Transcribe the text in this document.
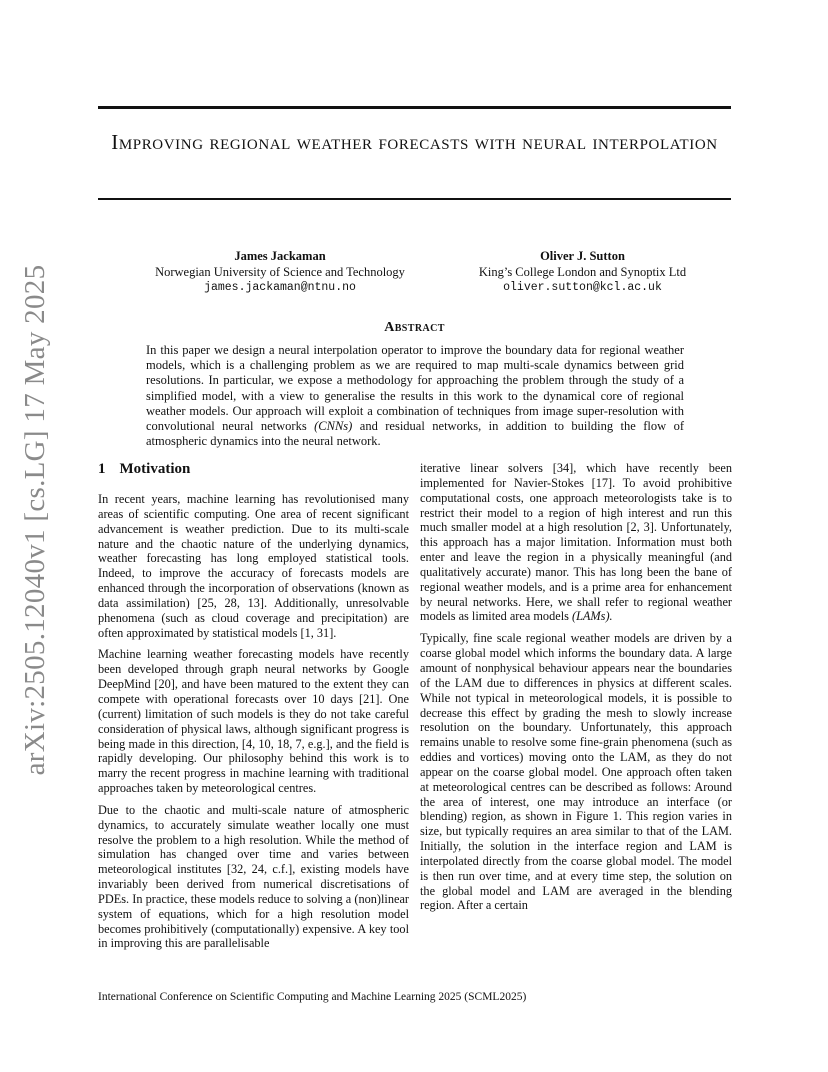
arXiv:2505.12040v1 [cs.LG] 17 May 2025
Improving regional weather forecasts with neural interpolation
James Jackaman
Norwegian University of Science and Technology
james.jackaman@ntnu.no
Oliver J. Sutton
King’s College London and Synoptix Ltd
oliver.sutton@kcl.ac.uk
Abstract

In this paper we design a neural interpolation operator to improve the boundary data for regional weather models, which is a challenging problem as we are required to map multi-scale dynamics between grid resolutions. In particular, we expose a methodology for approaching the problem through the study of a simplified model, with a view to generalise the results in this work to the dynamical core of regional weather models. Our approach will exploit a combination of techniques from image super-resolution with convolutional neural networks (CNNs) and residual networks, in addition to building the flow of atmospheric dynamics into the neural network.

1 Motivation

In recent years, machine learning has revolutionised many areas of scientific computing. One area of recent significant advancement is weather prediction. Due to its multi-scale nature and the chaotic nature of the underlying dynamics, weather forecasting has long employed statistical tools. Indeed, to improve the accuracy of forecasts models are enhanced through the incorporation of observations (known as data assimilation) [25, 28, 13]. Additionally, unresolvable phenomena (such as cloud coverage and precipitation) are often approximated by statistical models [1, 31].

Machine learning weather forecasting models have recently been developed through graph neural networks by Google DeepMind [20], and have been matured to the extent they can compete with operational forecasts over 10 days [21]. One (current) limitation of such models is they do not take careful consideration of physical laws, although significant progress is being made in this direction, [4, 10, 18, 7, e.g.], and the field is rapidly developing. Our philosophy behind this work is to marry the recent progress in machine learning with traditional approaches taken by meteorological centres.

Due to the chaotic and multi-scale nature of atmospheric dynamics, to accurately simulate weather locally one must resolve the problem to a high resolution. While the method of simulation has changed over time and varies between meteorological institutes [32, 24, c.f.], existing models have invariably been derived from numerical discretisations of PDEs. In practice, these models reduce to solving a (non)linear system of equations, which for a high resolution model becomes prohibitively (computationally) expensive. A key tool in improving this are parallelisable

iterative linear solvers [34], which have recently been implemented for Navier-Stokes [17]. To avoid prohibitive computational costs, one approach meteorologists take is to restrict their model to a region of high interest and run this much smaller model at a high resolution [2, 3]. Unfortunately, this approach has a major limitation. Information must both enter and leave the region in a physically meaningful (and qualitatively accurate) manor. This has long been the bane of regional weather models, and is a prime area for enhancement by neural networks. Here, we shall refer to regional weather models as limited area models (LAMs).

Typically, fine scale regional weather models are driven by a coarse global model which informs the boundary data. A large amount of nonphysical behaviour appears near the boundaries of the LAM due to differences in physics at different scales. While not typical in meteorological models, it is possible to decrease this effect by grading the mesh to slowly increase resolution on the boundary. Unfortunately, this approach remains unable to resolve some fine-grain phenomena (such as eddies and vortices) moving onto the LAM, as they do not appear on the coarse global model. One approach often taken at meteorological centres can be described as follows: Around the area of interest, one may introduce an interface (or blending) region, as shown in Figure 1. This region varies in size, but typically requires an area similar to that of the LAM. Initially, the solution in the interface region and LAM is interpolated directly from the coarse global model. The model is then run over time, and at every time step, the solution on the global model and LAM are averaged in the blending region. After a certain

International Conference on Scientific Computing and Machine Learning 2025 (SCML2025)
